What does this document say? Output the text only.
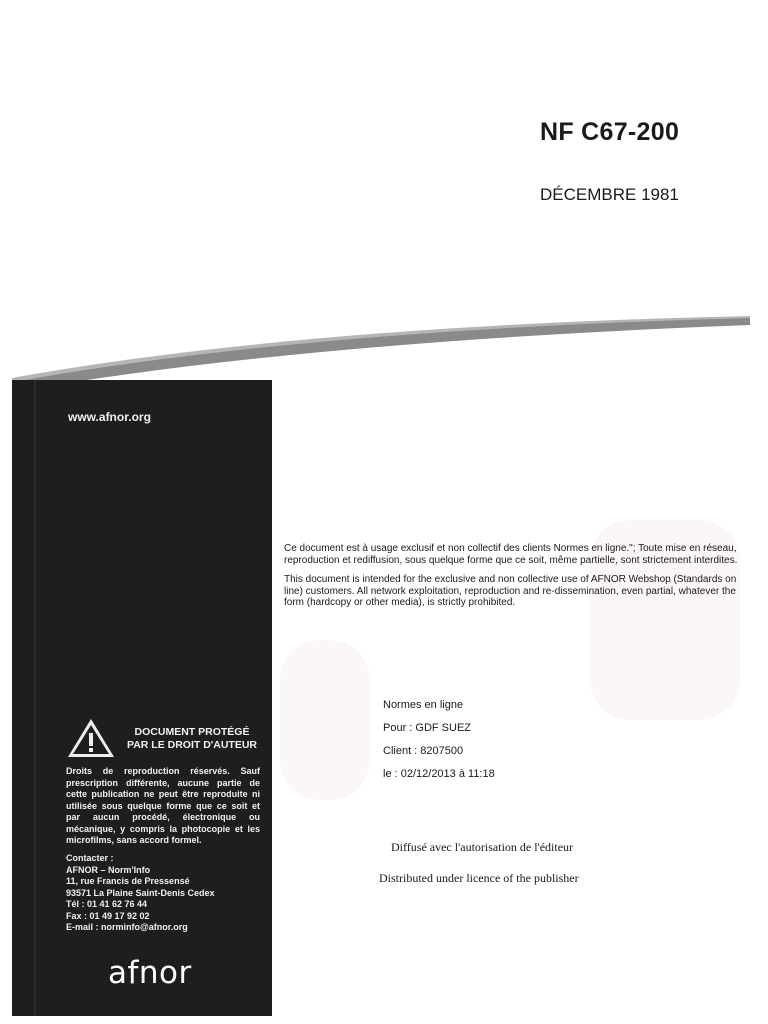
NF C67-200
DÉCEMBRE 1981
www.afnor.org
DOCUMENT PROTÉGÉ
PAR LE DROIT D'AUTEUR
Droits de reproduction réservés. Sauf prescription différente, aucune partie de cette publication ne peut être reproduite ni utilisée sous quelque forme que ce soit et par aucun procédé, électronique ou mécanique, y compris la photocopie et les microfilms, sans accord formel.
Contacter :
AFNOR – Norm'Info
11, rue Francis de Pressensé
93571 La Plaine Saint-Denis Cedex
Tél : 01 41 62 76 44
Fax : 01 49 17 92 02
E-mail : norminfo@afnor.org
afnor

Ce document est à usage exclusif et non collectif des clients Normes en ligne."; Toute mise en réseau, reproduction et rediffusion, sous quelque forme que ce soit, même partielle, sont strictement interdites.

This document is intended for the exclusive and non collective use of AFNOR Webshop (Standards on line) customers. All network exploitation, reproduction and re-dissemination, even partial, whatever the form (hardcopy or other media), is strictly prohibited.

Normes en ligne
Pour : GDF SUEZ
Client : 8207500
le : 02/12/2013 à 11:18
Diffusé avec l'autorisation de l'éditeur
Distributed under licence of the publisher
